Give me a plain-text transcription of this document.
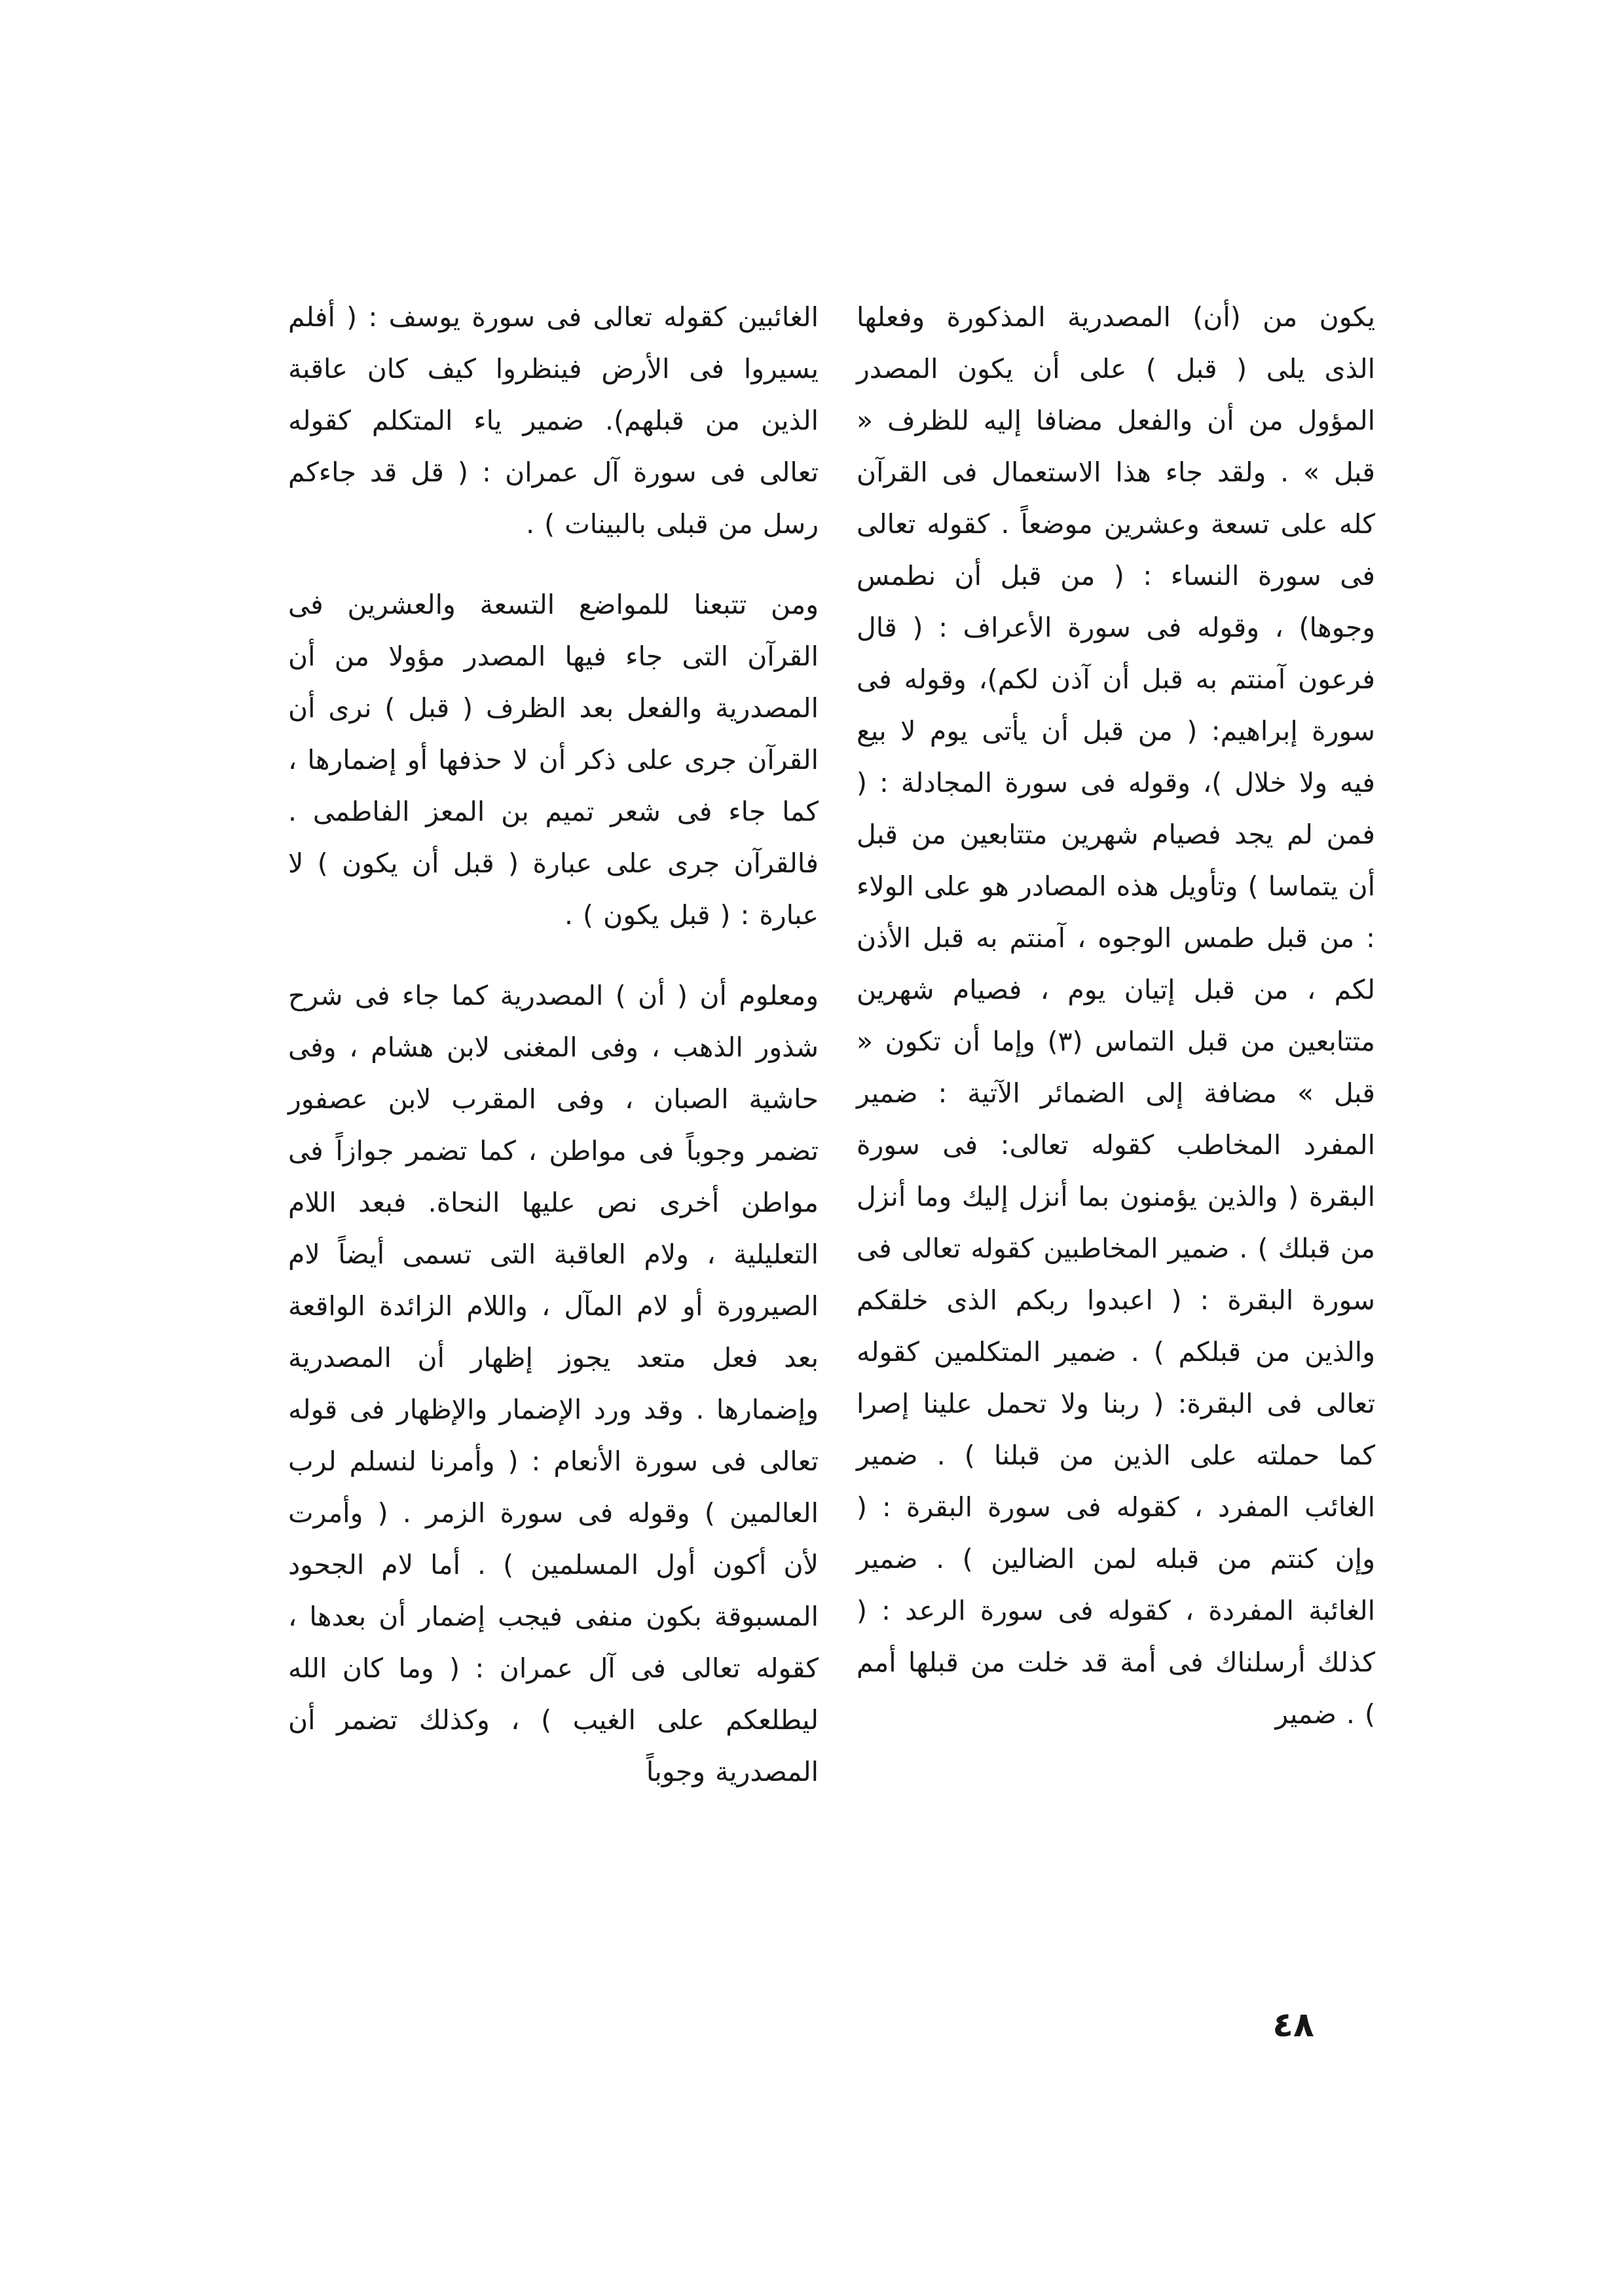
يكون من (أن) المصدرية المذكورة وفعلها الذى يلى ( قبل ) على أن يكون المصدر المؤول من أن والفعل مضافا إليه للظرف « قبل » . ولقد جاء هذا الاستعمال فى القرآن كله على تسعة وعشرين موضعاً . كقوله تعالى فى سورة النساء : ( من قبل أن نطمس وجوها) ، وقوله فى سورة الأعراف : ( قال فرعون آمنتم به قبل أن آذن لكم)، وقوله فى سورة إبراهيم: ( من قبل أن يأتى يوم لا بيع فيه ولا خلال )، وقوله فى سورة المجادلة : ( فمن لم يجد فصيام شهرين متتابعين من قبل أن يتماسا ) وتأويل هذه المصادر هو على الولاء : من قبل طمس الوجوه ، آمنتم به قبل الأذن لكم ، من قبل إتيان يوم ، فصيام شهرين متتابعين من قبل التماس (٣) وإما أن تكون « قبل » مضافة إلى الضمائر الآتية : ضمير المفرد المخاطب كقوله تعالى: فى سورة البقرة ( والذين يؤمنون بما أنزل إليك وما أنزل من قبلك ) . ضمير المخاطبين كقوله تعالى فى سورة البقرة : ( اعبدوا ربكم الذى خلقكم والذين من قبلكم ) . ضمير المتكلمين كقوله تعالى فى البقرة: ( ربنا ولا تحمل علينا إصرا كما حملته على الذين من قبلنا ) . ضمير الغائب المفرد ، كقوله فى سورة البقرة : ( وإن كنتم من قبله لمن الضالين ) . ضمير الغائبة المفردة ، كقوله فى سورة الرعد : ( كذلك أرسلناك فى أمة قد خلت من قبلها أمم ) . ضمير

الغائبين كقوله تعالى فى سورة يوسف : ( أفلم يسيروا فى الأرض فينظروا كيف كان عاقبة الذين من قبلهم). ضمير ياء المتكلم كقوله تعالى فى سورة آل عمران : ( قل قد جاءكم رسل من قبلى بالبينات ) .

ومن تتبعنا للمواضع التسعة والعشرين فى القرآن التى جاء فيها المصدر مؤولا من أن المصدرية والفعل بعد الظرف ( قبل ) نرى أن القرآن جرى على ذكر أن لا حذفها أو إضمارها ، كما جاء فى شعر تميم بن المعز الفاطمى . فالقرآن جرى على عبارة ( قبل أن يكون ) لا عبارة : ( قبل يكون ) .

ومعلوم أن ( أن ) المصدرية كما جاء فى شرح شذور الذهب ، وفى المغنى لابن هشام ، وفى حاشية الصبان ، وفى المقرب لابن عصفور تضمر وجوباً فى مواطن ، كما تضمر جوازاً فى مواطن أخرى نص عليها النحاة. فبعد اللام التعليلية ، ولام العاقبة التى تسمى أيضاً لام الصيرورة أو لام المآل ، واللام الزائدة الواقعة بعد فعل متعد يجوز إظهار أن المصدرية وإضمارها . وقد ورد الإضمار والإظهار فى قوله تعالى فى سورة الأنعام : ( وأمرنا لنسلم لرب العالمين ) وقوله فى سورة الزمر . ( وأمرت لأن أكون أول المسلمين ) . أما لام الجحود المسبوقة بكون منفى فيجب إضمار أن بعدها ، كقوله تعالى فى آل عمران : ( وما كان الله ليطلعكم على الغيب ) ، وكذلك تضمر أن المصدرية وجوباً

٤٨
